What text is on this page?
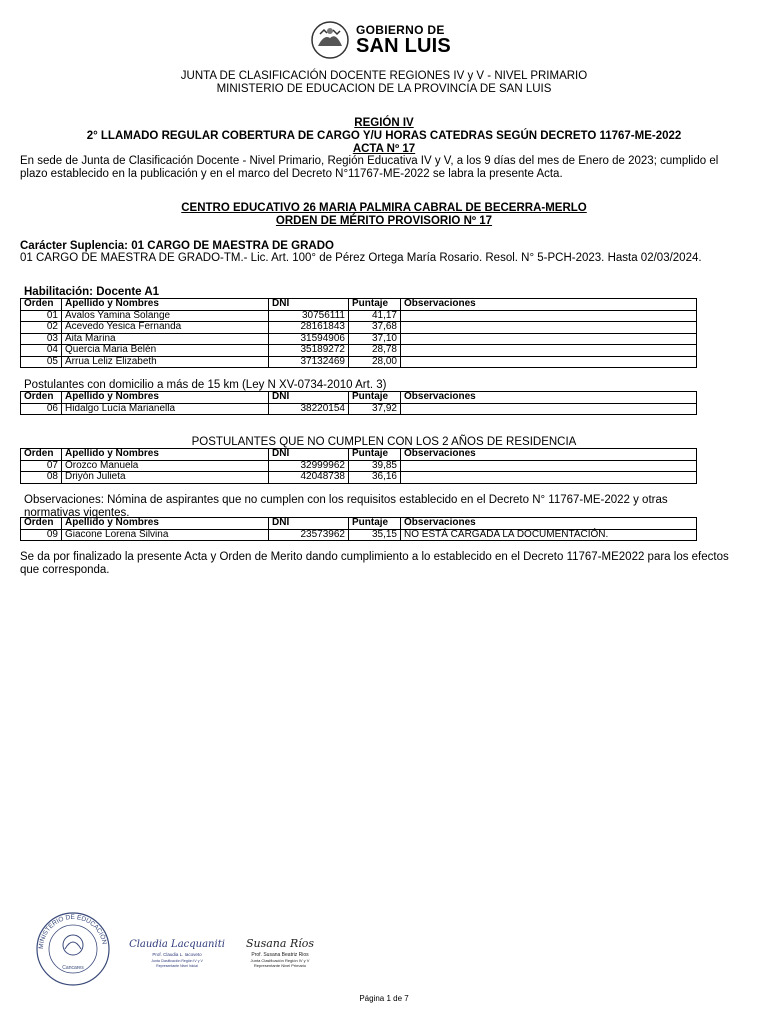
GOBIERNO DE
SAN LUIS
JUNTA DE CLASIFICACIÓN DOCENTE REGIONES IV y V - NIVEL PRIMARIO
MINISTERIO DE EDUCACION DE LA PROVINCIA DE SAN LUIS
REGIÓN IV
2° LLAMADO REGULAR COBERTURA DE CARGO Y/U HORAS CATEDRAS SEGÚN DECRETO 11767-ME-2022
ACTA Nº 17
En sede de Junta de Clasificación Docente - Nivel Primario, Región Educativa IV y V, a los 9 días del mes de Enero de 2023; cumplido el plazo establecido en la publicación y en el marco del Decreto N°11767-ME-2022 se labra la presente Acta.
CENTRO EDUCATIVO 26 MARIA PALMIRA CABRAL DE BECERRA-MERLO
ORDEN DE MÉRITO PROVISORIO Nº 17
Carácter Suplencia: 01 CARGO DE MAESTRA DE GRADO
01 CARGO DE MAESTRA DE GRADO-TM.- Lic. Art. 100° de Pérez Ortega María Rosario. Resol. N° 5-PCH-2023. Hasta 02/03/2024.
Habilitación: Docente A1
Orden	Apellido y Nombres	DNI	Puntaje	Observaciones
01	Avalos Yamina Solange	30756111	41,17	
02	Acevedo Yesica Fernanda	28161843	37,68	
03	Aita Marina	31594906	37,10	
04	Quercia Maria Belén	35189272	28,78	
05	Arrua Leliz Elizabeth	37132469	28,00	
Postulantes con domicilio a más de 15 km (Ley N XV-0734-2010 Art. 3)
Orden	Apellido y Nombres	DNI	Puntaje	Observaciones
06	Hidalgo Lucía Marianella	38220154	37,92	
POSTULANTES QUE NO CUMPLEN CON LOS 2 AÑOS DE RESIDENCIA
Orden	Apellido y Nombres	DNI	Puntaje	Observaciones
07	Orozco Manuela	32999962	39,85	
08	Driyón Julieta	42048738	36,16	
Observaciones: Nómina de aspirantes que no cumplen con los requisitos establecido en el Decreto N° 11767-ME-2022 y otras normativas vigentes.
Orden	Apellido y Nombres	DNI	Puntaje	Observaciones
09	Giacone Lorena Silvina	23573962	35,15	NO ESTÁ CARGADA LA DOCUMENTACIÓN.
Se da por finalizado la presente Acta y Orden de Merito dando cumplimiento a lo establecido en el Decreto 11767-ME2022 para los efectos que corresponda.
MINISTERIO DE EDUCACIÓN
Cancares
Claudia Lacquaniti
Prof. Claudia L. Iacoveto
Junta Clasificación Región IV y V
Representante Nivel Inicial
Susana Ríos
Prof. Susana Beatriz Rios
Junta Clasificación Región IV y V
Representante Nivel Primario
Página 1 de 7
